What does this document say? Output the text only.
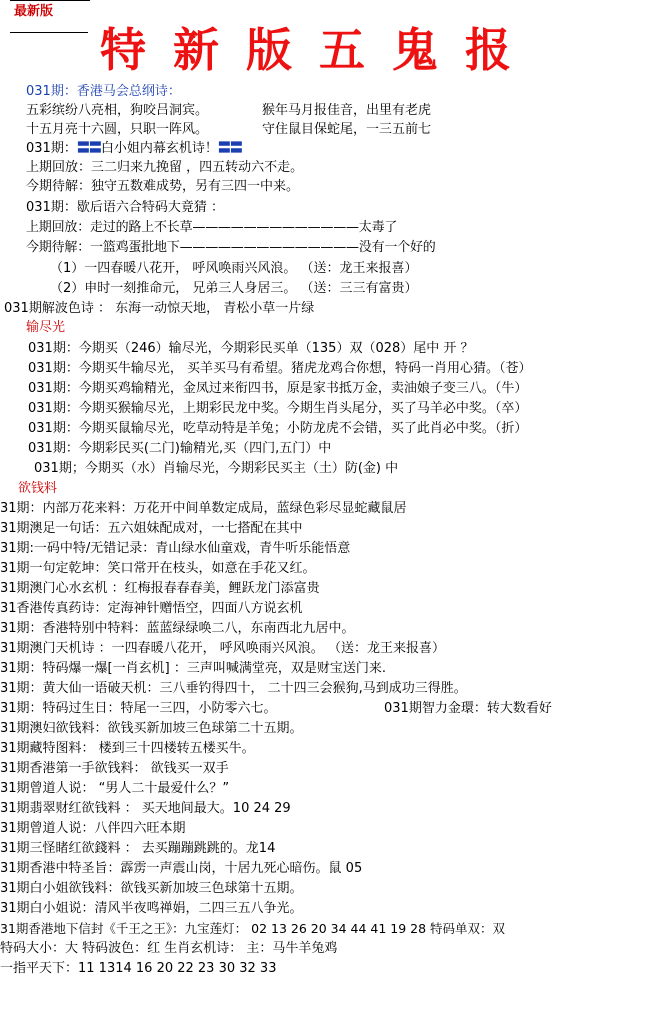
最新版
特新版五鬼报
031期：香港马会总纲诗：
五彩缤纷八亮相，狗咬吕洞宾。	猴年马月报佳音，出里有老虎
十五月亮十六圆，只职一阵风。	守住鼠目保蛇尾，一三五前七
031期：〓〓白小姐内幕玄机诗！〓〓
上期回放：三二归来九挽留 ，四五转动六不走。
今期待解：独守五数难成势，另有三四一中来。
031期：歇后语六合特码大竟猜 ：
上期回放：走过的路上不长草—————————————太毒了
今期待解：一篮鸡蛋批地下——————————————没有一个好的
（1）一四春暖八花开， 呼风唤雨兴风浪。 （送：龙王来报喜）
（2）申时一刻推命元， 兄弟三人身居三。 （送：三三有富贵）
031期解波色诗 ： 东海一动惊天地， 青松小草一片绿
输尽光
031期：今期买（246）输尽光，今期彩民买单（135）双（028）尾中 开 ？
031期：今期买牛输尽光， 买羊买马有希望。猪虎龙鸡合你想，特码一肖用心猜。（苍）
031期：今期买鸡输精光，金凤过来衔四书，原是家书抵万金，卖油娘子变三八。（牛）
031期：今期买猴输尽光，上期彩民龙中奖。今期生肖头尾分，买了马羊必中奖。（卒）
031期：今期买鼠输尽光，吃草动特是羊兔；小防龙虎不会错，买了此肖必中奖。（折）
031期：今期彩民买(二门)输精光,买（四门,五门）中
031期；今期买（水）肖输尽光，今期彩民买主（土）防(金) 中
欲钱料
31期：内部万花来料：万花开中间单数定成局，蓝绿色彩尽显蛇藏鼠居
31期澳足一句话：五六姐妹配成对，一七搭配在其中
31期:一码中特/无错记录：青山绿水仙童戏，青牛听乐能悟意
31期一句定乾坤：笑口常开在枝头，如意在手花又红。
31期澳门心水玄机 ：红梅报春春春美，鲤跃龙门添富贵
31香港传真药诗：定海神针赠悟空，四面八方说玄机
31期：香港特别中特料：蓝蓝绿绿唤二八，东南西北九居中。
31期澳门天机诗 ：一四春暖八花开， 呼风唤雨兴风浪。 （送：龙王来报喜）
31期：特码爆一爆[一肖玄机] ：三声叫喊满堂亮，双是财宝送门来.
31期：黄大仙一语破天机：三八垂钓得四十， 二十四三会猴狗,马到成功三得胜。
31期：特码过生日：特尾一三四，小防零六七。	031期智力金環：转大数看好
31期澳妇欲钱料：欲钱买新加坡三色球第二十五期。
31期藏特图料： 楼到三十四楼转五楼买牛。
31期香港第一手欲钱料： 欲钱买一双手
31期曾道人说： “男人二十最爱什么？”
31期翡翠财红欲钱料 ： 买天地间最大。10 24 29
31期曾道人说：八伴四六旺本期
31期三怪睹红欲錢料 ： 去买蹦蹦跳跳的。龙14
31期香港中特圣旨：霹雳一声震山岗，十居九死心暗伤。鼠 05
31期白小姐欲钱料：欲钱买新加坡三色球第十五期。
31期白小姐说：清风半夜鸣禅娟，二四三五八争光。
31期香港地下信封《千王之王》：九宝莲灯： 02 13 26 20 34 44 41 19 28 特码单双：双
特码大小：大 特码波色：红 生肖玄机诗： 主：马牛羊兔鸡
一指平天下：11 1314 16 20 22 23 30 32 33
